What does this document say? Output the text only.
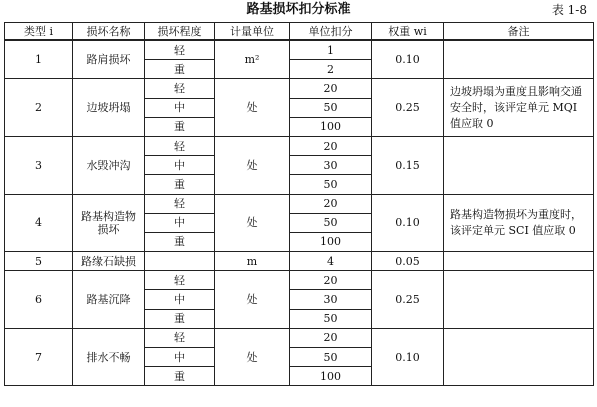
路基损坏扣分标准	表 1-8
类型 i	损坏名称	损坏程度	计量单位	单位扣分	权重 wi	备注
1	路肩损坏	轻	m²	1	0.10	
		重		2		
2	边坡坍塌	轻	处	20	0.25	边坡坍塌为重度且影响交通安全时，该评定单元 MQI 值应取 0
		中		50		
		重		100		
3	水毁冲沟	轻	处	20	0.15	
		中		30		
		重		50		
4	路基构造物损坏	轻	处	20	0.10	路基构造物损坏为重度时，该评定单元 SCI 值应取 0
		中		50		
		重		100		
5	路缘石缺损		m	4	0.05	
6	路基沉降	轻	处	20	0.25	
		中		30		
		重		50		
7	排水不畅	轻	处	20	0.10	
		中		50		
		重		100		
